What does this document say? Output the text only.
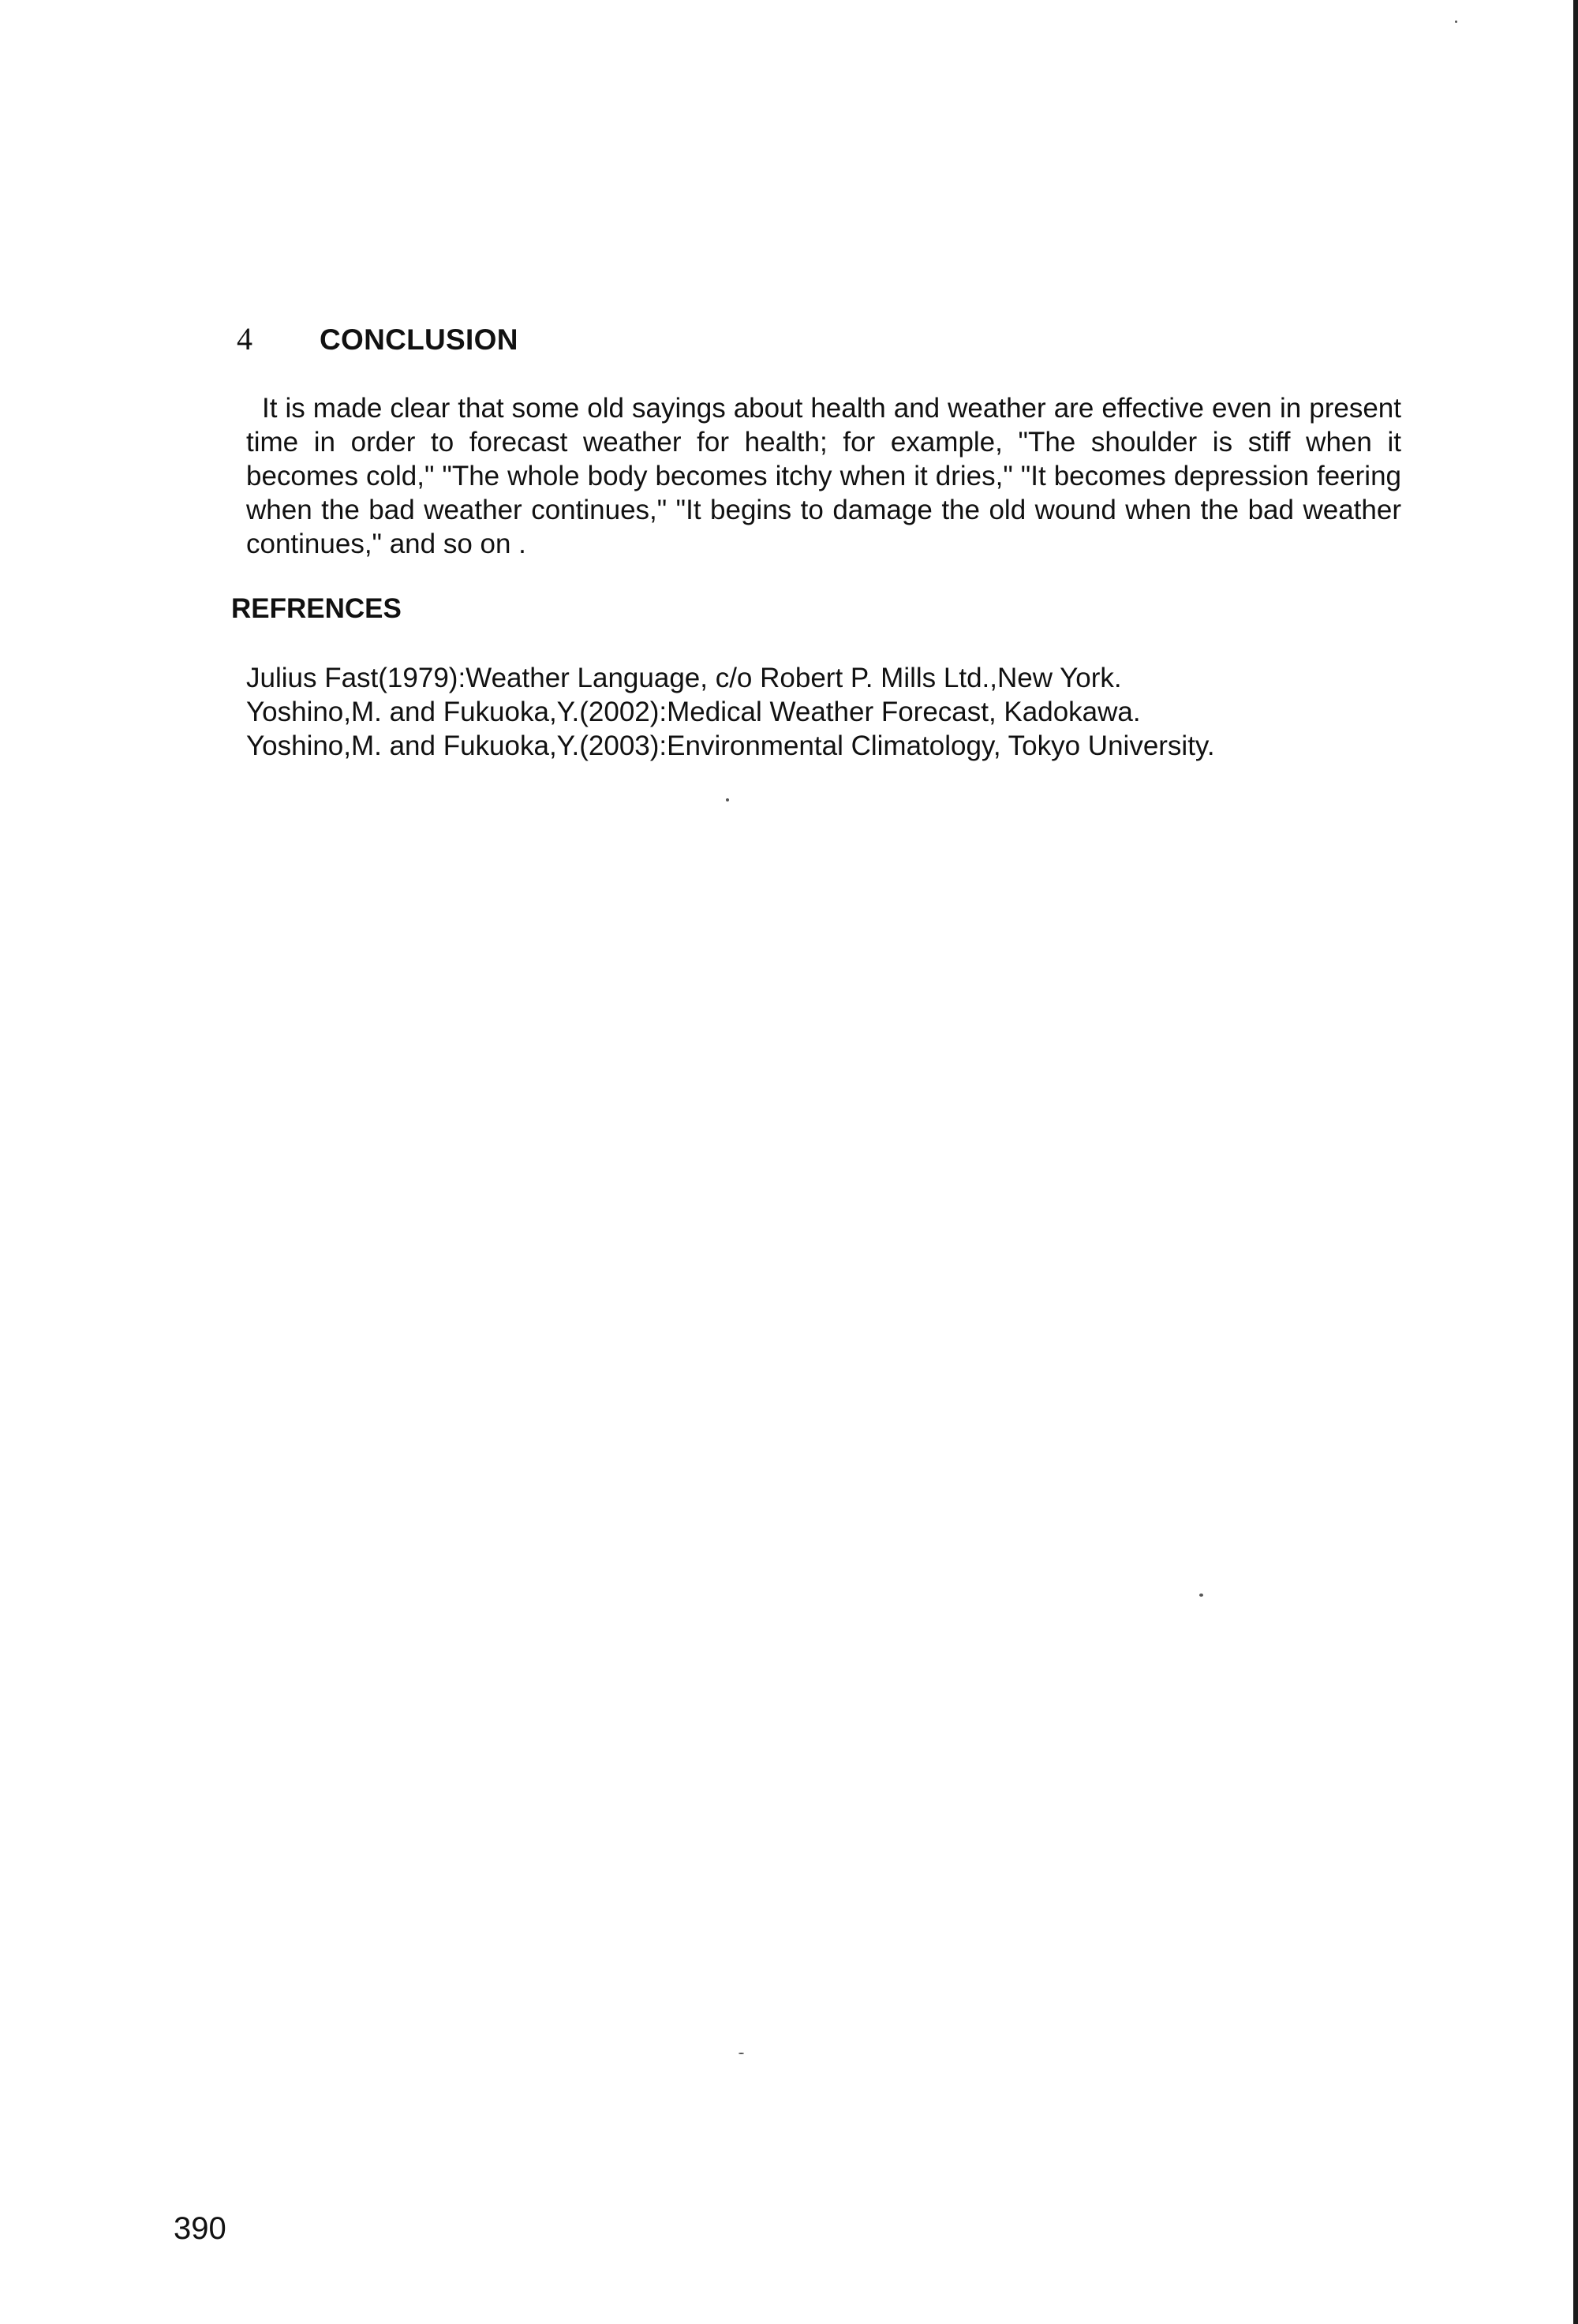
4 CONCLUSION

It is made clear that some old sayings about health and weather are effective even in present time in order to forecast weather for health; for example, "The shoulder is stiff when it becomes cold," "The whole body becomes itchy when it dries," "It becomes depression feering when the bad weather continues," "It begins to damage the old wound when the bad weather continues," and so on .

REFRENCES
Julius Fast(1979):Weather Language, c/o Robert P. Mills Ltd.,New York.
Yoshino,M. and Fukuoka,Y.(2002):Medical Weather Forecast, Kadokawa.
Yoshino,M. and Fukuoka,Y.(2003):Environmental Climatology, Tokyo University.
390
